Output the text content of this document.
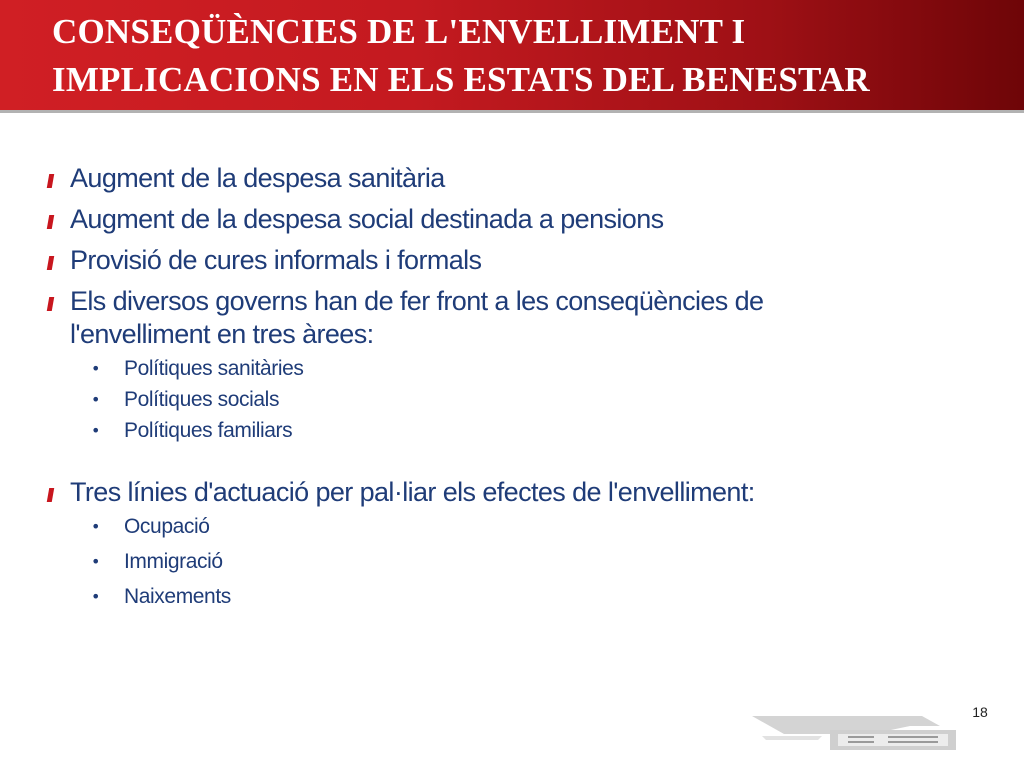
CONSEQÜÈNCIES DE L'ENVELLIMENT I IMPLICACIONS EN ELS ESTATS DEL BENESTAR
Augment de la despesa sanitària
Augment de la despesa social destinada a pensions
Provisió de cures informals i formals
Els diversos governs han de fer front a les conseqüències de l'envelliment en tres àrees:
• Polítiques sanitàries
• Polítiques socials
• Polítiques familiars
Tres línies d'actuació per pal·liar els efectes de l'envelliment:
• Ocupació
• Immigració
• Naixements
18
